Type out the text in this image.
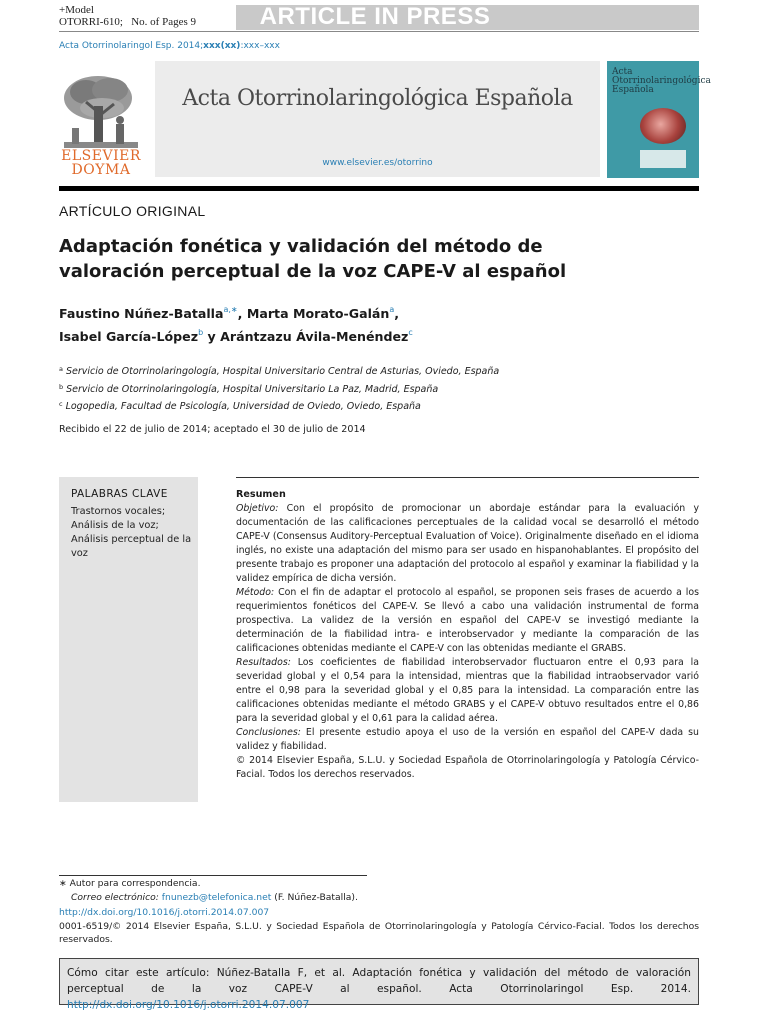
+Model
OTORRI-610;   No. of Pages 9	ARTICLE IN PRESS
Acta Otorrinolaringol Esp. 2014;xxx(xx):xxx–xxx
ELSEVIER
DOYMA
Acta Otorrinolaringológica Española
www.elsevier.es/otorrino
Acta Otorrinolaringológica Española
ARTÍCULO ORIGINAL
Adaptación fonética y validación del método de valoración perceptual de la voz CAPE-V al español
Faustino Núñez-Batalla$^{a,∗}$, Marta Morato-Galán$^a$,
Isabel García-López$^b$ y Arántzazu Ávila-Menéndez$^c$
$^a$ Servicio de Otorrinolaringología, Hospital Universitario Central de Asturias, Oviedo, España
$^b$ Servicio de Otorrinolaringología, Hospital Universitario La Paz, Madrid, España
$^c$ Logopedia, Facultad de Psicología, Universidad de Oviedo, Oviedo, España
Recibido el 22 de julio de 2014; aceptado el 30 de julio de 2014
PALABRAS CLAVE
Trastornos vocales;
Análisis de la voz;
Análisis perceptual de la voz
Resumen

Objetivo: Con el propósito de promocionar un abordaje estándar para la evaluación y documentación de las calificaciones perceptuales de la calidad vocal se desarrolló el método CAPE-V (Consensus Auditory-Perceptual Evaluation of Voice). Originalmente diseñado en el idioma inglés, no existe una adaptación del mismo para ser usado en hispanohablantes. El propósito del presente trabajo es proponer una adaptación del protocolo al español y examinar la fiabilidad y la validez empírica de dicha versión.

Método: Con el fin de adaptar el protocolo al español, se proponen seis frases de acuerdo a los requerimientos fonéticos del CAPE-V. Se llevó a cabo una validación instrumental de forma prospectiva. La validez de la versión en español del CAPE-V se investigó mediante la determinación de la fiabilidad intra- e interobservador y mediante la comparación de las calificaciones obtenidas mediante el CAPE-V con las obtenidas mediante el GRABS.

Resultados: Los coeficientes de fiabilidad interobservador fluctuaron entre el 0,93 para la severidad global y el 0,54 para la intensidad, mientras que la fiabilidad intraobservador varió entre el 0,98 para la severidad global y el 0,85 para la intensidad. La comparación entre las calificaciones obtenidas mediante el método GRABS y el CAPE-V obtuvo resultados entre el 0,86 para la severidad global y el 0,61 para la calidad aérea.

Conclusiones: El presente estudio apoya el uso de la versión en español del CAPE-V dada su validez y fiabilidad.

© 2014 Elsevier España, S.L.U. y Sociedad Española de Otorrinolaringología y Patología Cérvico-Facial. Todos los derechos reservados.

∗ Autor para correspondencia.
Correo electrónico: fnunezb@telefonica.net (F. Núñez-Batalla).
http://dx.doi.org/10.1016/j.otorri.2014.07.007
0001-6519/© 2014 Elsevier España, S.L.U. y Sociedad Española de Otorrinolaringología y Patología Cérvico-Facial. Todos los derechos reservados.
Cómo citar este artículo: Núñez-Batalla F, et al. Adaptación fonética y validación del método de valoración perceptual de la voz CAPE-V al español. Acta Otorrinolaringol Esp. 2014. http://dx.doi.org/10.1016/j.otorri.2014.07.007
